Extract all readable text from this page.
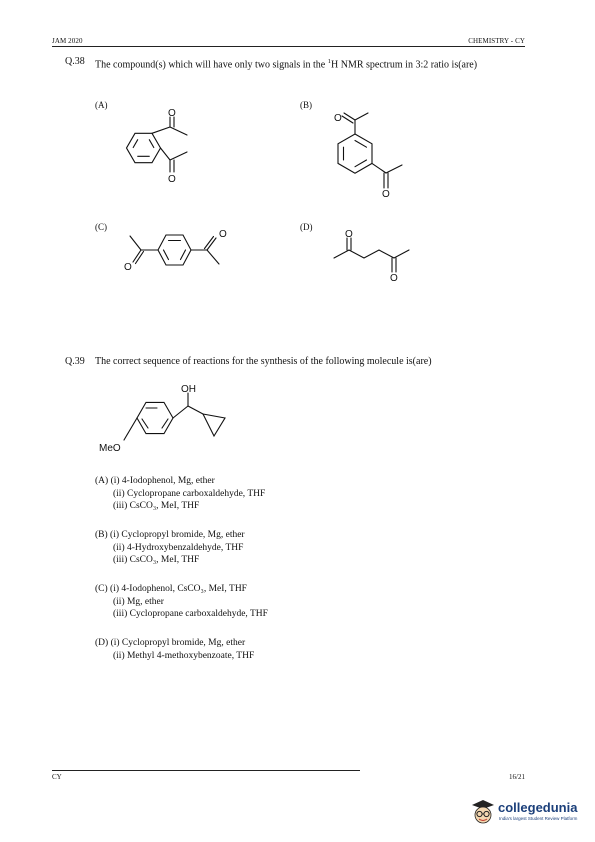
JAM 2020	CHEMISTRY - CY
Q.38 The compound(s) which will have only two signals in the $^1$H NMR spectrum in 3:2 ratio is(are)
(A)	(B)
(C)	(D)
O
O
O
O
O
O	O
O
OH
MeO
Q.39 The correct sequence of reactions for the synthesis of the following molecule is(are)
(A) (i) 4-Iodophenol, Mg, ether
(ii) Cyclopropane carboxaldehyde, THF
(iii) CsCO₃, MeI, THF
(B) (i) Cyclopropyl bromide, Mg, ether
(ii) 4-Hydroxybenzaldehyde, THF
(iii) CsCO₃, MeI, THF
(C) (i) 4-Iodophenol, CsCO₃, MeI, THF
(ii) Mg, ether
(iii) Cyclopropane carboxaldehyde, THF
(D) (i) Cyclopropyl bromide, Mg, ether
(ii) Methyl 4-methoxybenzoate, THF
CY	16/21
collegedunia
India's largest Student Review Platform
